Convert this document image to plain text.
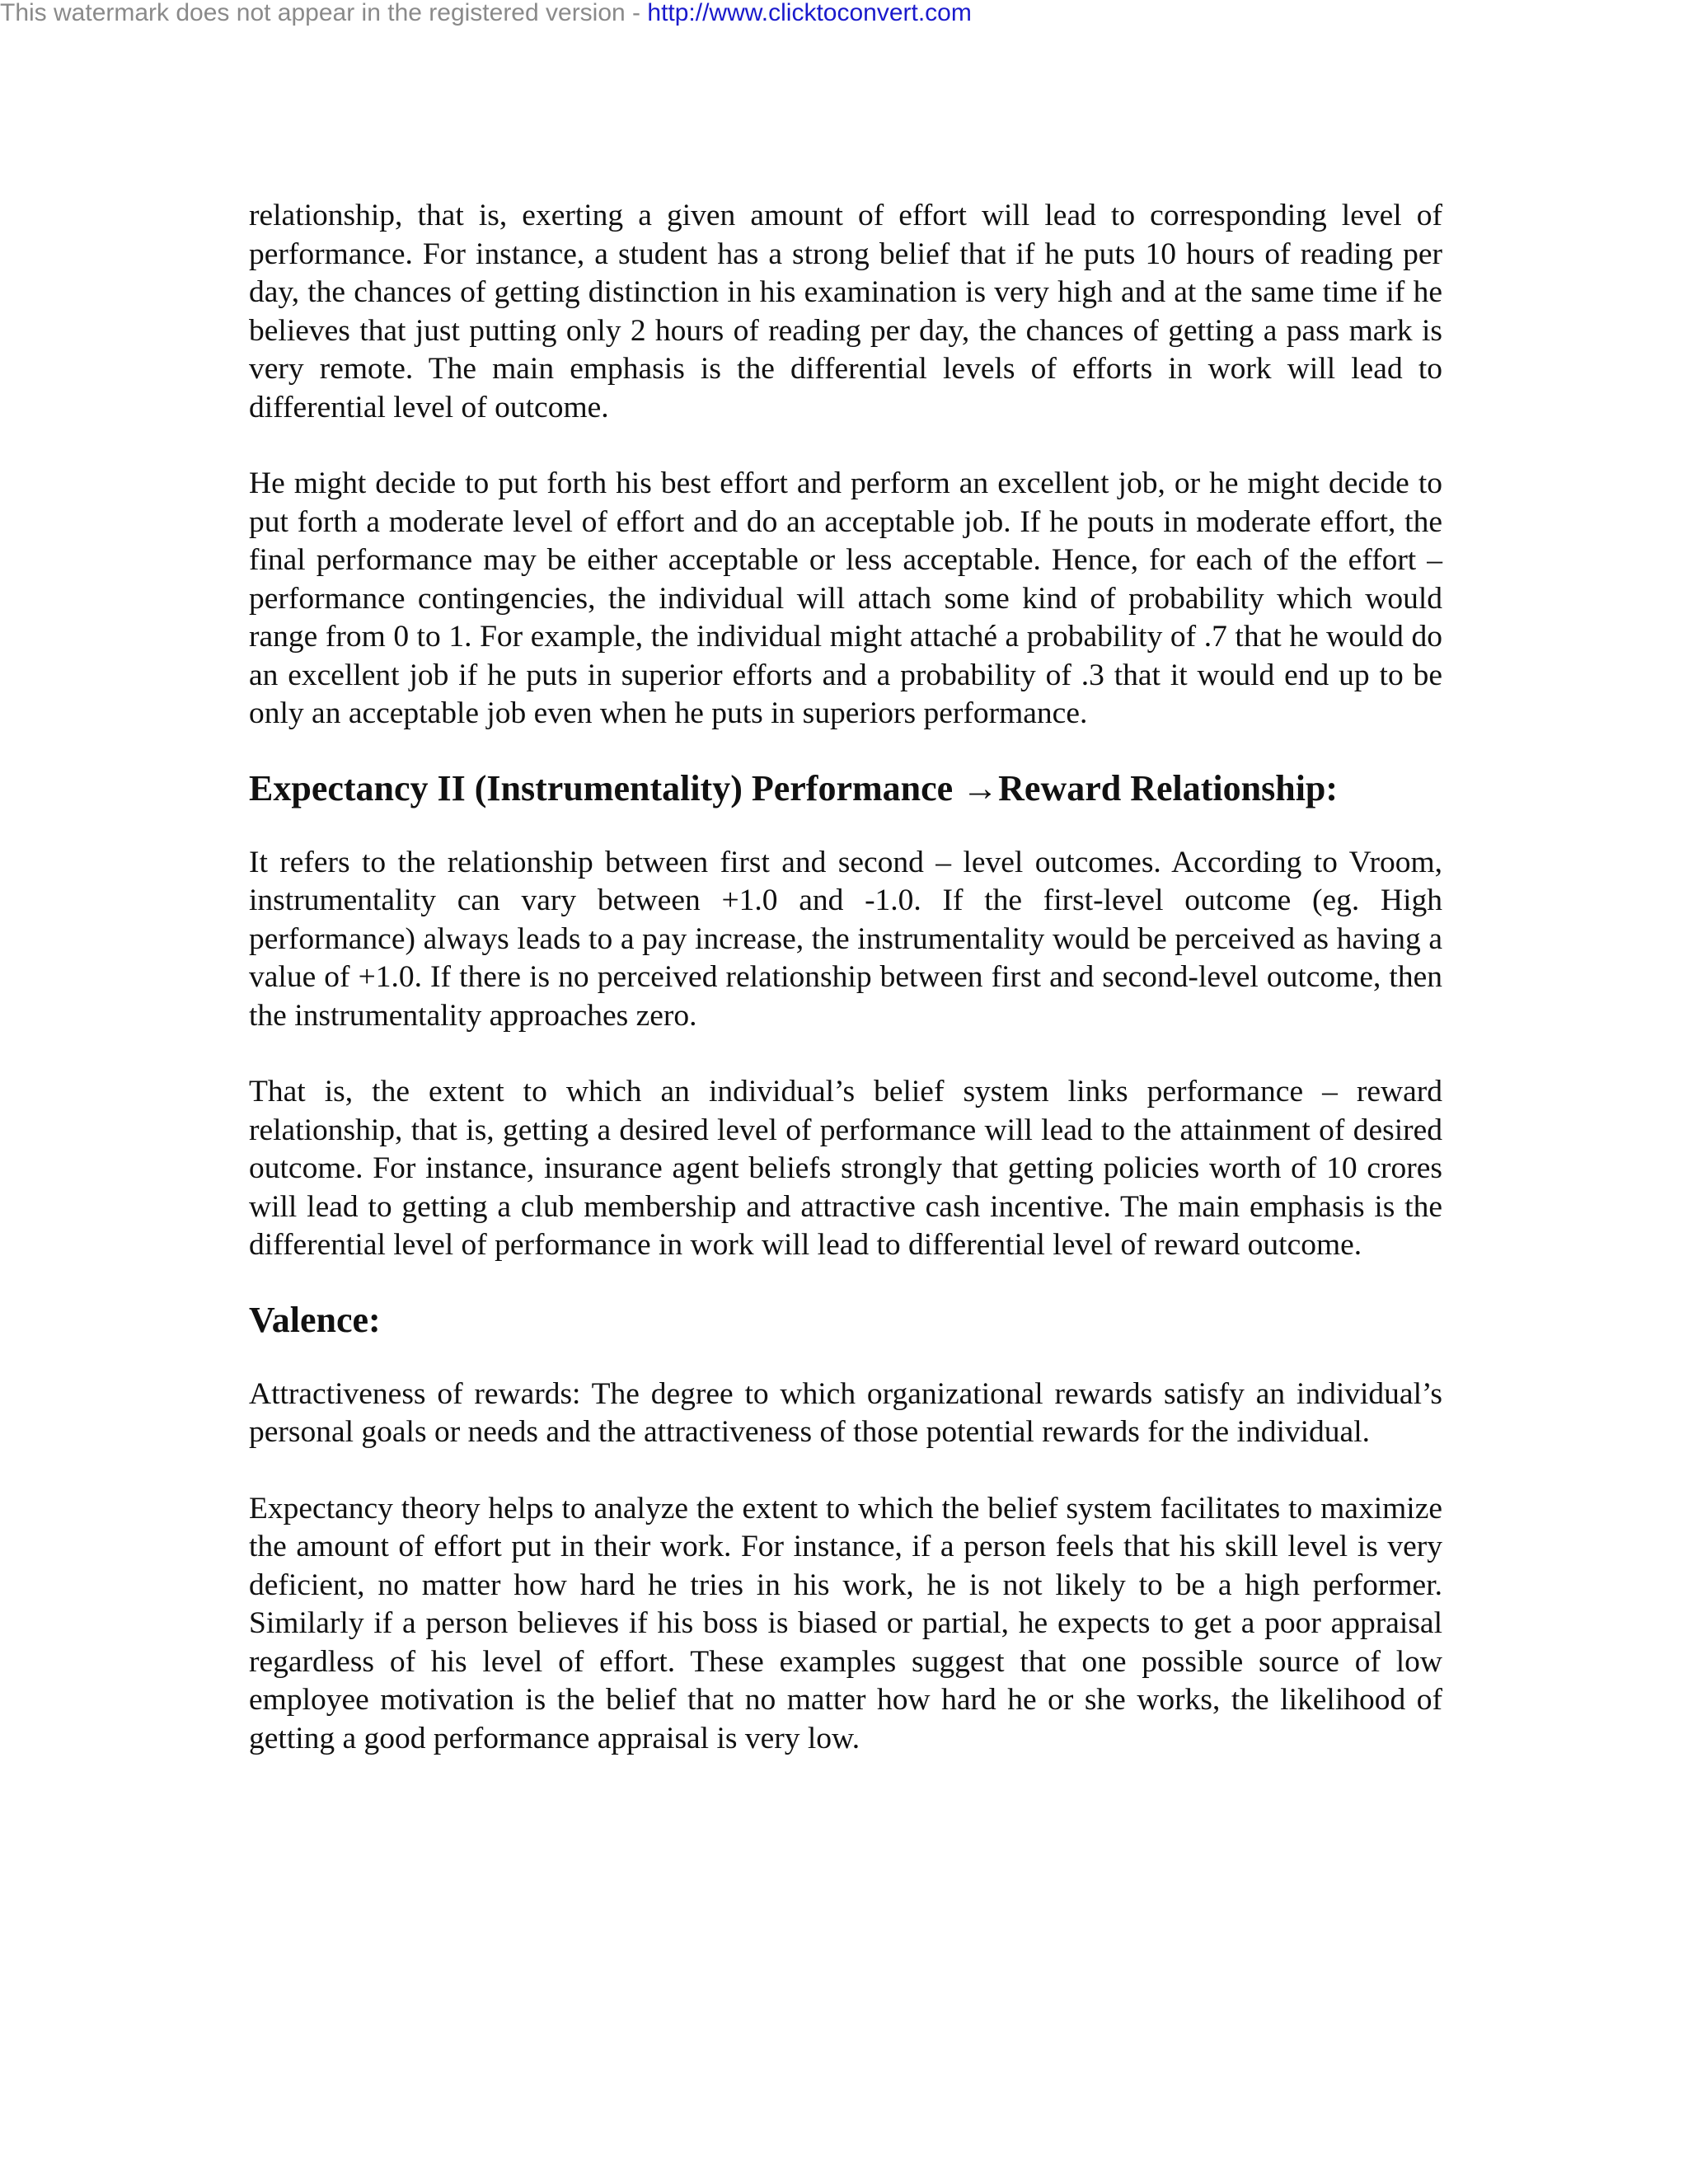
This watermark does not appear in the registered version - http://www.clicktoconvert.com

relationship, that is, exerting a given amount of effort will lead to corresponding level of performance. For instance, a student has a strong belief that if he puts 10 hours of reading per day, the chances of getting distinction in his examination is very high and at the same time if he believes that just putting only 2 hours of reading per day, the chances of getting a pass mark is very remote. The main emphasis is the differential levels of efforts in work will lead to differential level of outcome.

He might decide to put forth his best effort and perform an excellent job, or he might decide to put forth a moderate level of effort and do an acceptable job. If he pouts in moderate effort, the final performance may be either acceptable or less acceptable. Hence, for each of the effort – performance contingencies, the individual will attach some kind of probability which would range from 0 to 1. For example, the individual might attaché a probability of .7 that he would do an excellent job if he puts in superior efforts and a probability of .3 that it would end up to be only an acceptable job even when he puts in superiors performance.

Expectancy II (Instrumentality) Performance →Reward Relationship:

It refers to the relationship between first and second – level outcomes. According to Vroom, instrumentality can vary between +1.0 and -1.0. If the first-level outcome (eg. High performance) always leads to a pay increase, the instrumentality would be perceived as having a value of +1.0. If there is no perceived relationship between first and second-level outcome, then the instrumentality approaches zero.

That is, the extent to which an individual’s belief system links performance – reward relationship, that is, getting a desired level of performance will lead to the attainment of desired outcome. For instance, insurance agent beliefs strongly that getting policies worth of 10 crores will lead to getting a club membership and attractive cash incentive. The main emphasis is the differential level of performance in work will lead to differential level of reward outcome.

Valence:

Attractiveness of rewards: The degree to which organizational rewards satisfy an individual’s personal goals or needs and the attractiveness of those potential rewards for the individual.

Expectancy theory helps to analyze the extent to which the belief system facilitates to maximize the amount of effort put in their work. For instance, if a person feels that his skill level is very deficient, no matter how hard he tries in his work, he is not likely to be a high performer. Similarly if a person believes if his boss is biased or partial, he expects to get a poor appraisal regardless of his level of effort. These examples suggest that one possible source of low employee motivation is the belief that no matter how hard he or she works, the likelihood of getting a good performance appraisal is very low.
